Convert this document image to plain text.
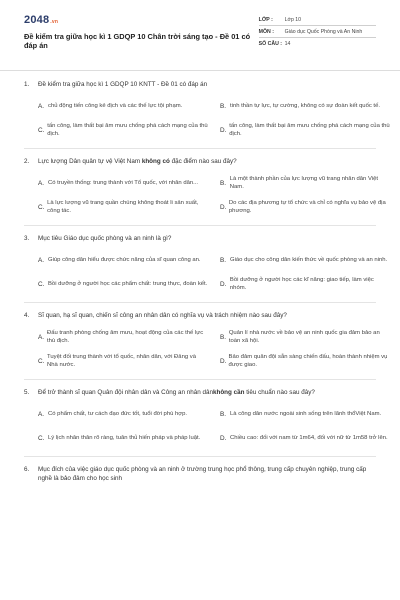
2048.vn
Đề kiểm tra giữa học kì 1 GDQP 10 Chân trời sáng tạo - Đề 01 có đáp án
LỚP :	Lớp 10
MÔN :	Giáo dục Quốc Phòng và An Ninh
SỐ CÂU : 14
1.	Đề kiểm tra giữa học kì 1 GDQP 10 KNTT - Đề 01 có đáp án
A. chủ động tiến công kẻ địch và các thế lực tội phạm.	B. tinh thần tự lực, tự cường, không có sự đoàn kết quốc tế.
C.
tấn công, làm thất bại âm mưu chống phá cách mạng của thù địch.
D.
tấn công, làm thất bại âm mưu chống phá cách mạng của thù địch.
2.	Lực lượng Dân quân tự vệ Việt Nam không có đặc điểm nào sau đây?
A. Có truyền thống: trung thành với Tổ quốc, với nhân dân...	B.
Là một thành phần của lực lượng vũ trang nhân dân Việt Nam.
C.
Là lực lượng vũ trang quần chúng không thoát li sản xuất, công tác.
D.
Do các địa phương tự tổ chức và chỉ có nghĩa vụ bảo vệ địa phương.
3.	Mục tiêu Giáo dục quốc phòng và an ninh là gì?
A. Giúp công dân hiểu được chức năng của sĩ quan công an.	B. Giáo dục cho công dân kiến thức về quốc phòng và an ninh.
C. Bồi dưỡng ở người học các phẩm chất: trung thực, đoàn kết.	D.
Bồi dưỡng ở người học các kĩ năng: giao tiếp, làm việc nhóm.
4.	Sĩ quan, hạ sĩ quan, chiến sĩ công an nhân dân có nghĩa vụ và trách nhiệm nào sau đây?
A.
Đấu tranh phòng chống âm mưu, hoạt động của các thế lực thù địch.
B.
Quản lí nhà nước về bảo vệ an ninh quốc gia đảm bảo an toàn xã hội.
C.
Tuyệt đối trung thành với tổ quốc, nhân dân, với Đảng và Nhà nước.
D.
Bảo đảm quân đội sẵn sàng chiến đấu, hoàn thành nhiệm vụ được giao.
5.	Để trở thành sĩ quan Quân đội nhân dân và Công an nhân dânkhông cần tiêu chuẩn nào sau đây?
A. Có phẩm chất, tư cách đạo đức tốt, tuổi đời phù hợp.	B. Là công dân nước ngoài sinh sống trên lãnh thổViệt Nam.
C. Lý lịch nhân thân rõ ràng, tuân thủ hiến pháp và pháp luật.	D. Chiều cao: đối với nam từ 1m64, đối với nữ từ 1m58 trở lên.
6.	Mục đích của việc giáo dục quốc phòng và an ninh ở trường trung học phổ thông, trung cấp chuyên nghiệp, trung cấp nghề là bảo đảm cho học sinh
